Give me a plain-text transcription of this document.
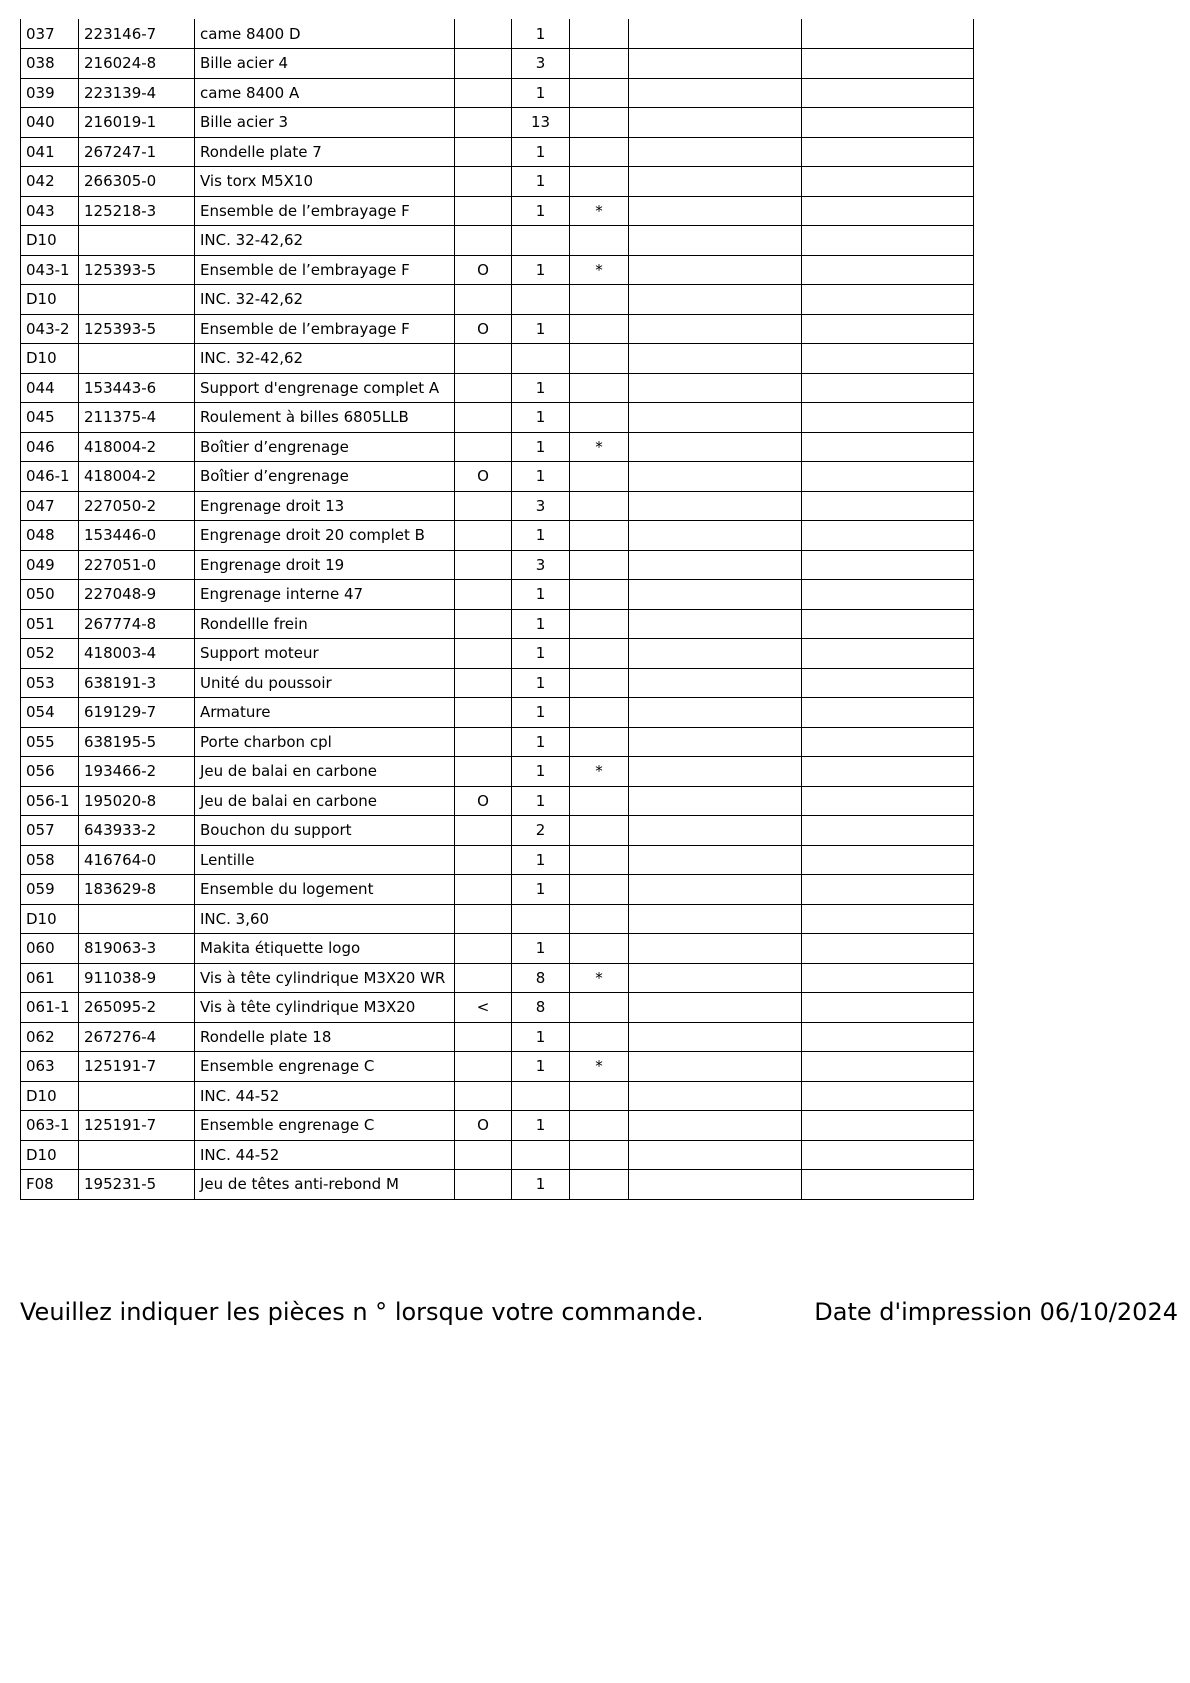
037	223146-7	came 8400 D		1			
038	216024-8	Bille acier 4		3			
039	223139-4	came 8400 A		1			
040	216019-1	Bille acier 3		13			
041	267247-1	Rondelle plate 7		1			
042	266305-0	Vis torx M5X10		1			
043	125218-3	Ensemble de l’embrayage F		1	*		
D10		INC. 32-42,62					
043-1	125393-5	Ensemble de l’embrayage F	O	1	*		
D10		INC. 32-42,62					
043-2	125393-5	Ensemble de l’embrayage F	O	1			
D10		INC. 32-42,62					
044	153443-6	Support d'engrenage complet A		1			
045	211375-4	Roulement à billes 6805LLB		1			
046	418004-2	Boîtier d’engrenage		1	*		
046-1	418004-2	Boîtier d’engrenage	O	1			
047	227050-2	Engrenage droit 13		3			
048	153446-0	Engrenage droit 20 complet B		1			
049	227051-0	Engrenage droit 19		3			
050	227048-9	Engrenage interne 47		1			
051	267774-8	Rondellle frein		1			
052	418003-4	Support moteur		1			
053	638191-3	Unité du poussoir		1			
054	619129-7	Armature		1			
055	638195-5	Porte charbon cpl		1			
056	193466-2	Jeu de balai en carbone		1	*		
056-1	195020-8	Jeu de balai en carbone	O	1			
057	643933-2	Bouchon du support		2			
058	416764-0	Lentille		1			
059	183629-8	Ensemble du logement		1			
D10		INC. 3,60					
060	819063-3	Makita étiquette logo		1			
061	911038-9	Vis à tête cylindrique M3X20 WR		8	*		
061-1	265095-2	Vis à tête cylindrique M3X20	<	8			
062	267276-4	Rondelle plate 18		1			
063	125191-7	Ensemble engrenage C		1	*		
D10		INC. 44-52					
063-1	125191-7	Ensemble engrenage C	O	1			
D10		INC. 44-52					
F08	195231-5	Jeu de têtes anti-rebond M		1			
Veuillez indiquer les pièces n ° lorsque votre commande.	Date d'impression 06/10/2024
